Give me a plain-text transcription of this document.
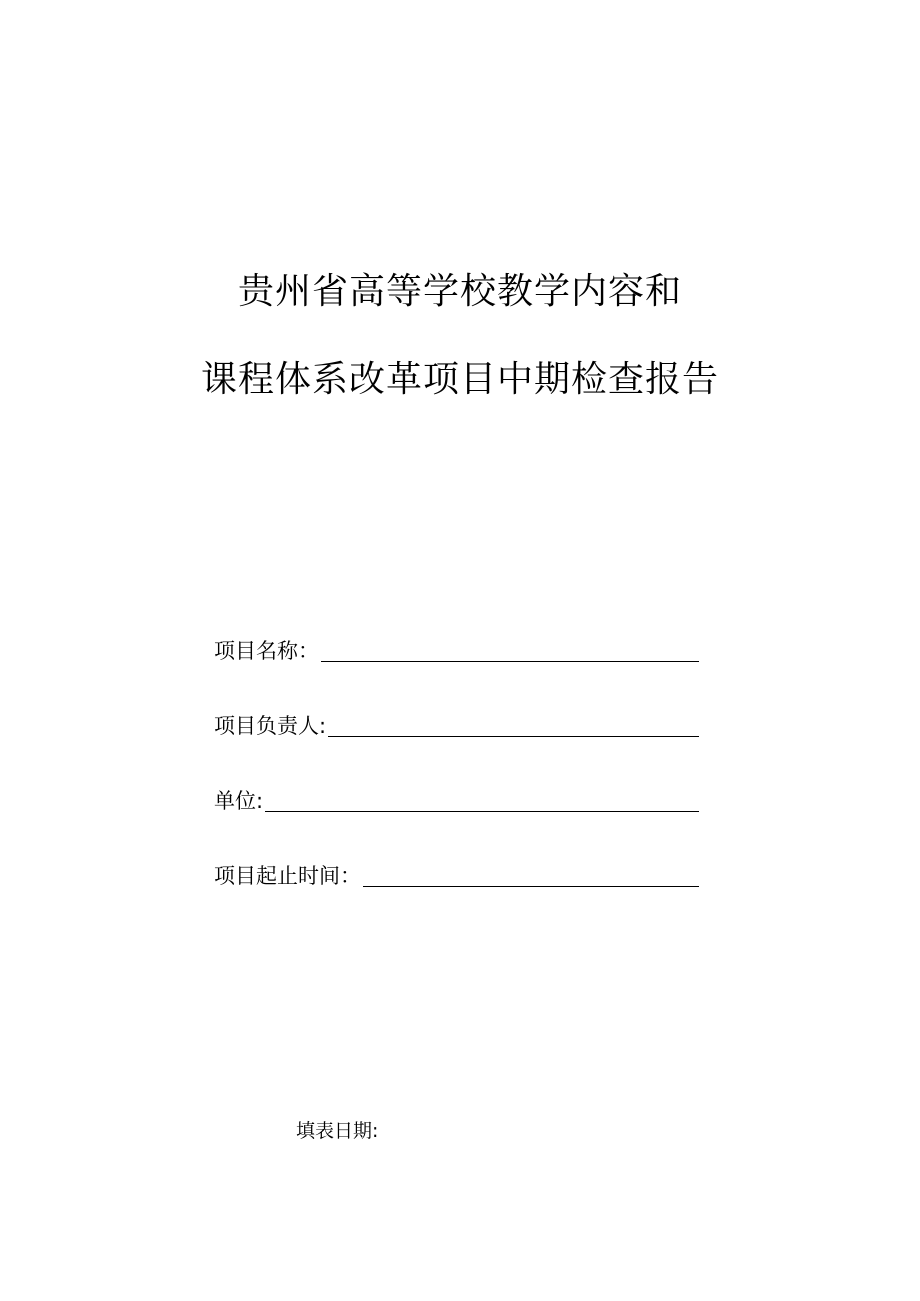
贵州省高等学校教学内容和
课程体系改革项目中期检查报告
项目名称：
项目负责人:
单位:
项目起止时间：
填表日期:
